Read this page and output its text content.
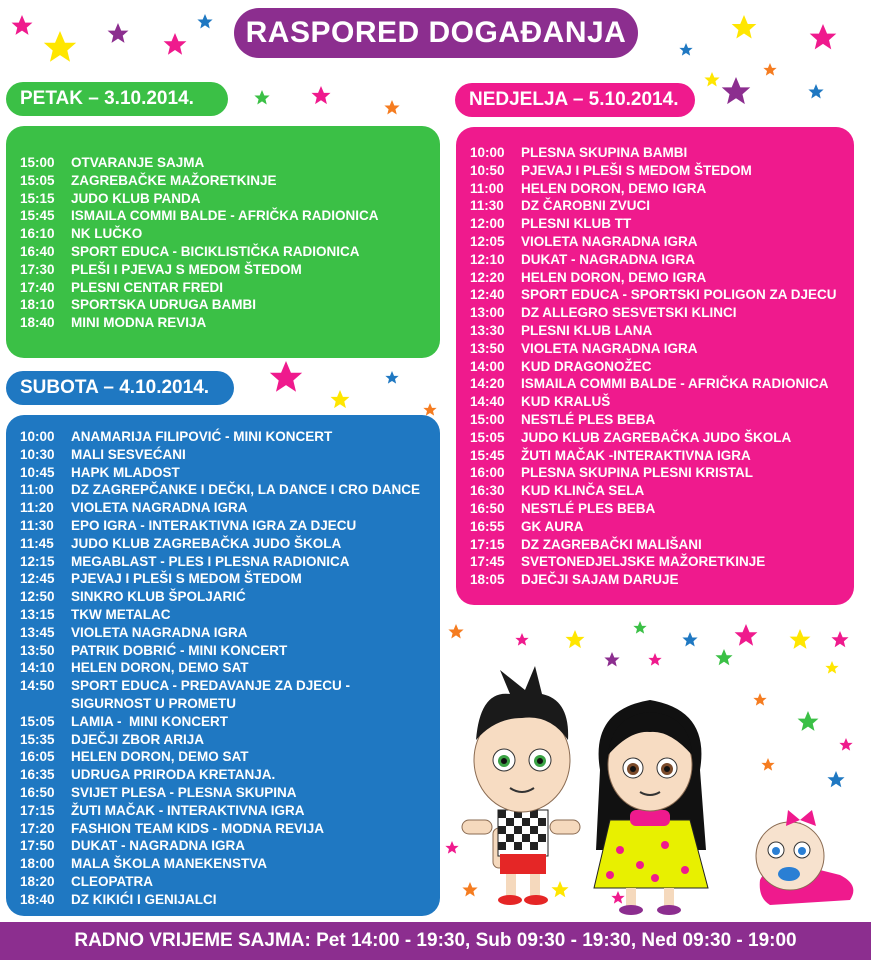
RASPORED DOGAĐANJA
PETAK – 3.10.2014.
15:00	OTVARANJE SAJMA
15:05	ZAGREBAČKE MAŽORETKINJE
15:15	JUDO KLUB PANDA
15:45	ISMAILA COMMI BALDE - AFRIČKA RADIONICA
16:10	NK LUČKO
16:40	SPORT EDUCA - BICIKLISTIČKA RADIONICA
17:30	PLEŠI I PJEVAJ S MEDOM ŠTEDOM
17:40	PLESNI CENTAR FREDI
18:10	SPORTSKA UDRUGA BAMBI
18:40	MINI MODNA REVIJA
SUBOTA – 4.10.2014.
10:00	ANAMARIJA FILIPOVIĆ - MINI KONCERT
10:30	MALI SESVEĆANI
10:45	HAPK MLADOST
11:00	DZ ZAGREPČANKE I DEČKI, LA DANCE I CRO DANCE
11:20	VIOLETA NAGRADNA IGRA
11:30	EPO IGRA - INTERAKTIVNA IGRA ZA DJECU
11:45	JUDO KLUB ZAGREBAČKA JUDO ŠKOLA
12:15	MEGABLAST - PLES I PLESNA RADIONICA
12:45	PJEVAJ I PLEŠI S MEDOM ŠTEDOM
12:50	SINKRO KLUB ŠPOLJARIĆ
13:15	TKW METALAC
13:45	VIOLETA NAGRADNA IGRA
13:50	PATRIK DOBRIĆ - MINI KONCERT
14:10	HELEN DORON, DEMO SAT
14:50	SPORT EDUCA - PREDAVANJE ZA DJECU -
SIGURNOST U PROMETU
15:05	LAMIA -  MINI KONCERT
15:35	DJEČJI ZBOR ARIJA
16:05	HELEN DORON, DEMO SAT
16:35	UDRUGA PRIRODA KRETANJA.
16:50	SVIJET PLESA - PLESNA SKUPINA
17:15	ŽUTI MAČAK - INTERAKTIVNA IGRA
17:20	FASHION TEAM KIDS - MODNA REVIJA
17:50	DUKAT - NAGRADNA IGRA
18:00	MALA ŠKOLA MANEKENSTVA
18:20	CLEOPATRA
18:40	DZ KIKIĆI I GENIJALCI
NEDJELJA – 5.10.2014.
10:00	PLESNA SKUPINA BAMBI
10:50	PJEVAJ I PLEŠI S MEDOM ŠTEDOM
11:00	HELEN DORON, DEMO IGRA
11:30	DZ ČAROBNI ZVUCI
12:00	PLESNI KLUB TT
12:05	VIOLETA NAGRADNA IGRA
12:10	DUKAT - NAGRADNA IGRA
12:20	HELEN DORON, DEMO IGRA
12:40	SPORT EDUCA - SPORTSKI POLIGON ZA DJECU
13:00	DZ ALLEGRO SESVETSKI KLINCI
13:30	PLESNI KLUB LANA
13:50	VIOLETA NAGRADNA IGRA
14:00	KUD DRAGONOŽEC
14:20	ISMAILA COMMI BALDE - AFRIČKA RADIONICA
14:40	KUD KRALUŠ
15:00	NESTLÉ PLES BEBA
15:05	JUDO KLUB ZAGREBAČKA JUDO ŠKOLA
15:45	ŽUTI MAČAK -INTERAKTIVNA IGRA
16:00	PLESNA SKUPINA PLESNI KRISTAL
16:30	KUD KLINČA SELA
16:50	NESTLÉ PLES BEBA
16:55	GK AURA
17:15	DZ ZAGREBAČKI MALIŠANI
17:45	SVETONEDJELJSKE MAŽORETKINJE
18:05	DJEČJI SAJAM DARUJE
RADNO VRIJEME SAJMA: Pet 14:00 - 19:30, Sub 09:30 - 19:30, Ned 09:30 - 19:00
